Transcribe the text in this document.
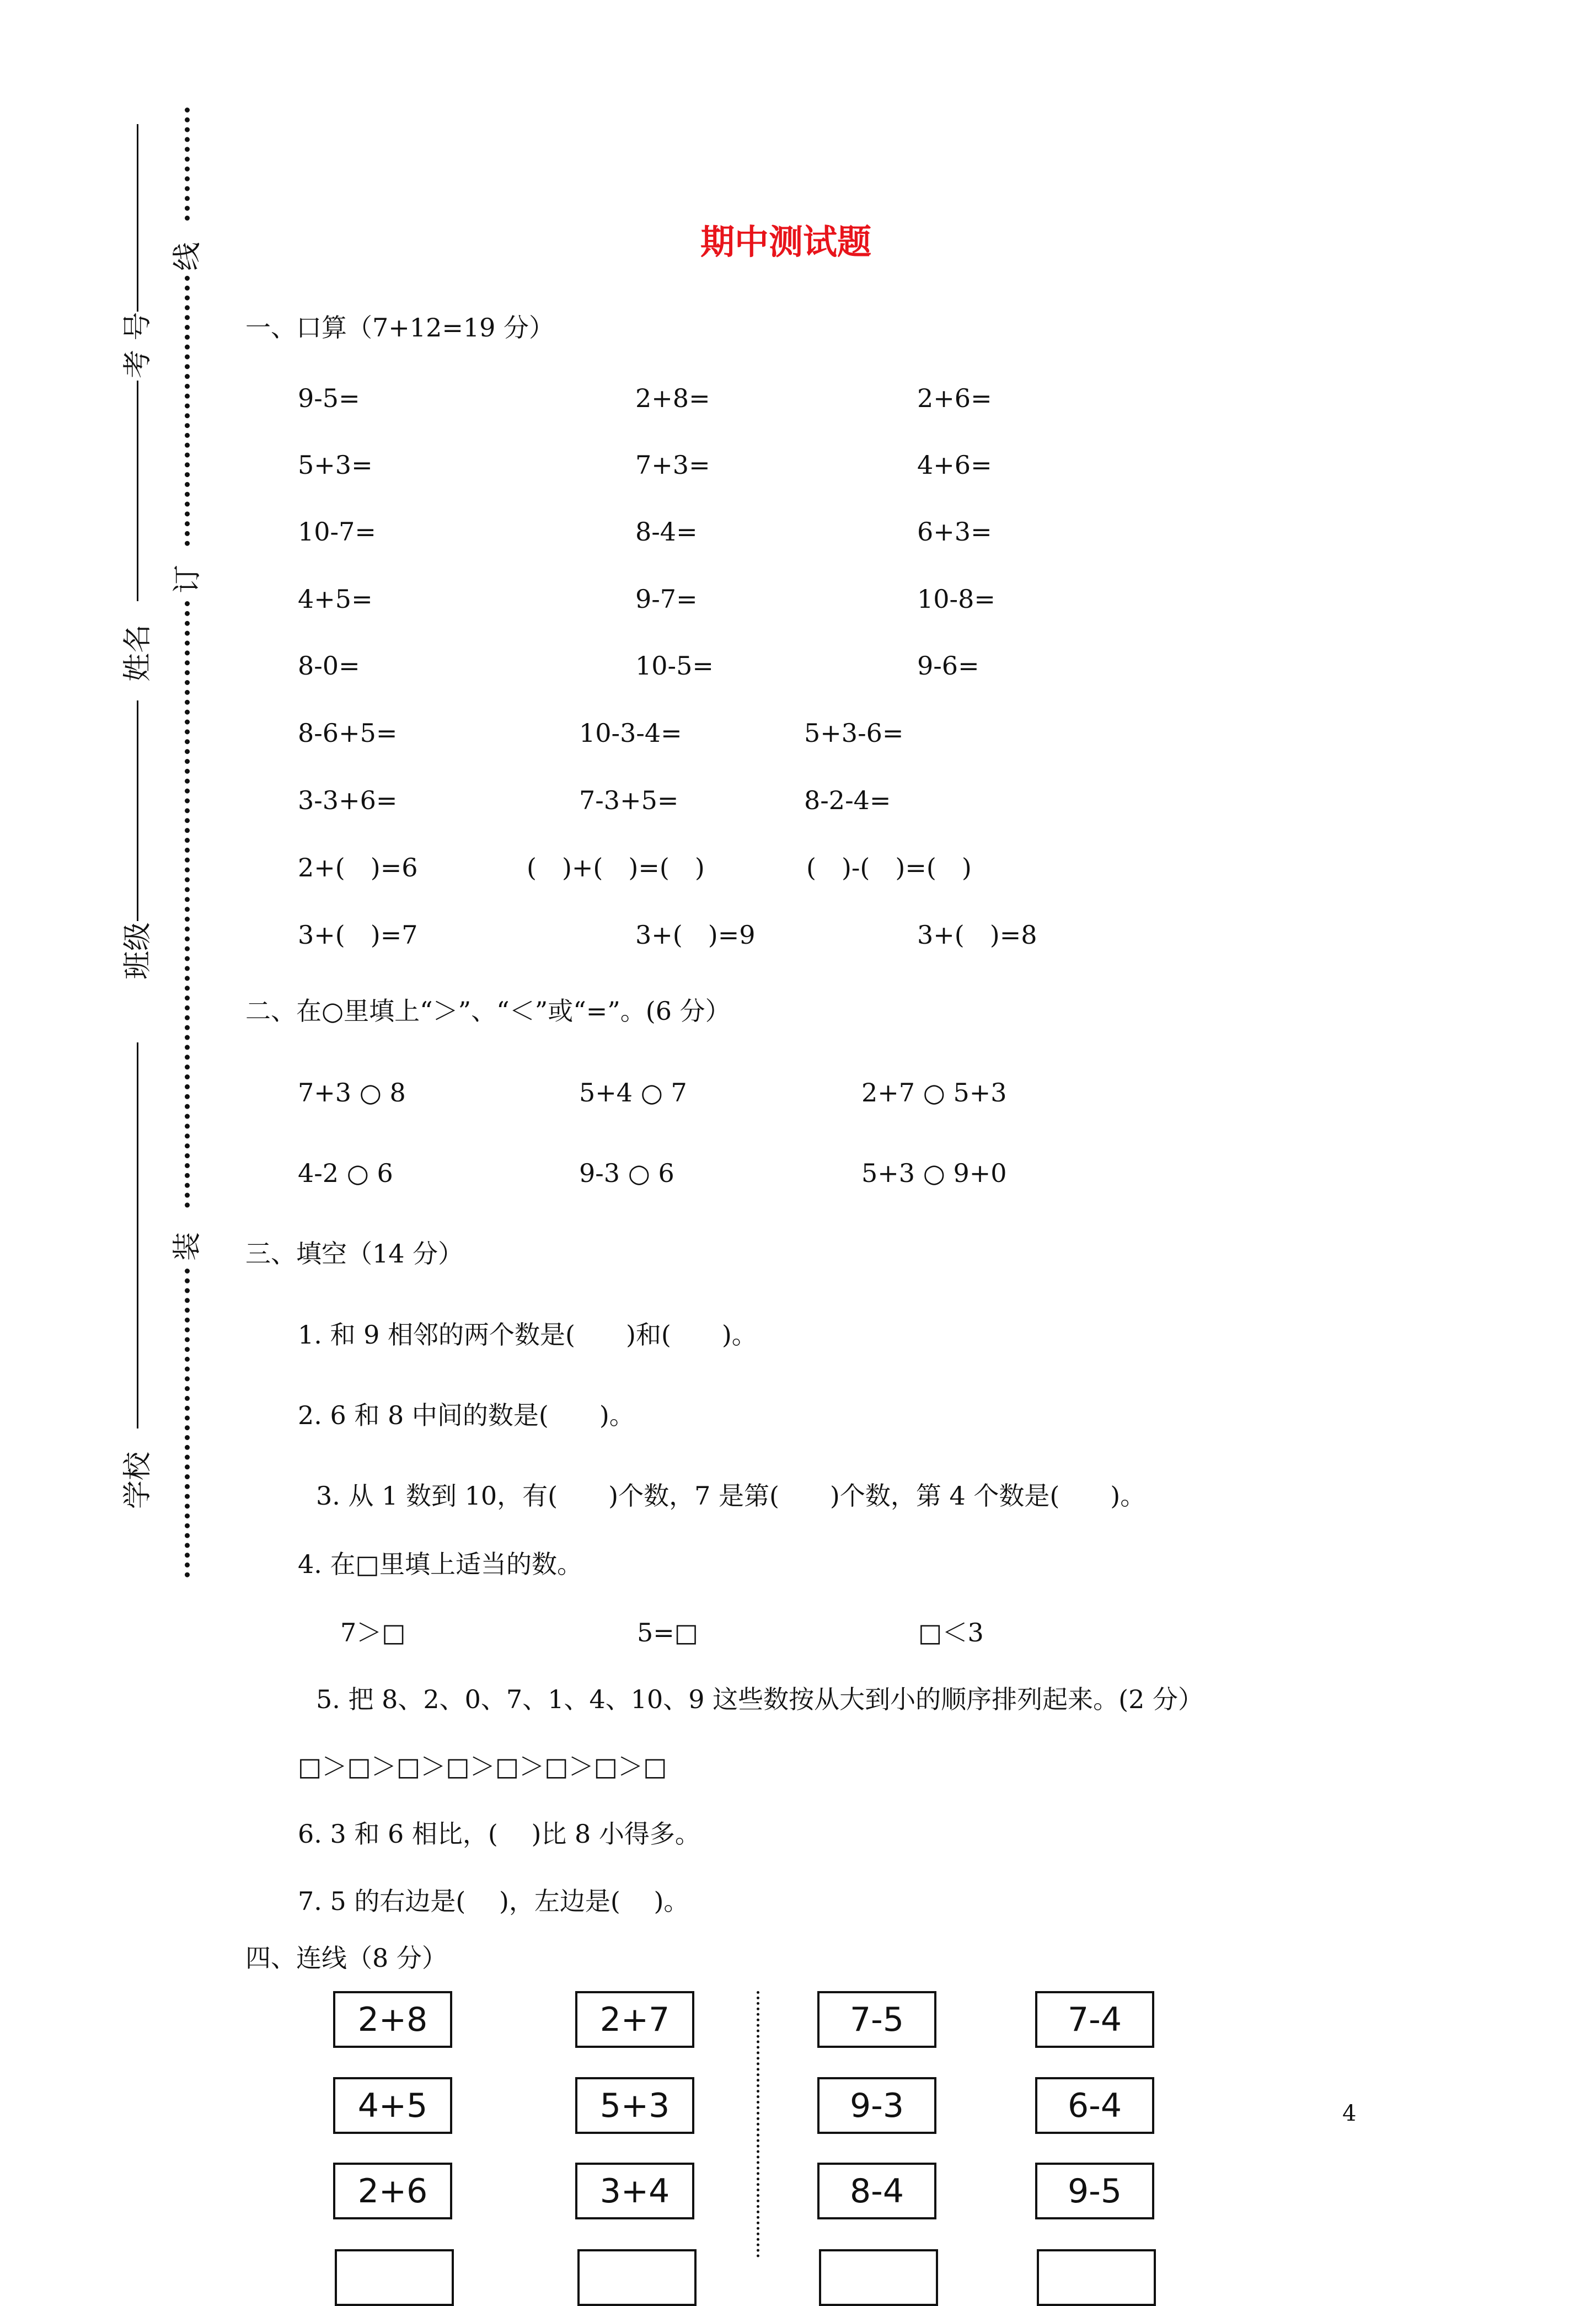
考 号
姓名
班级
学校
线
订
装
期中测试题
一、口算（7+12=19 分）
9-5=	2+8=	2+6=
5+3=	7+3=	4+6=
10-7=	8-4=	6+3=
4+5=	9-7=	10-8=
8-0=	10-5=	9-6=
8-6+5=	10-3-4=	5+3-6=
3-3+6=	7-3+5=	8-2-4=
2+(　)=6	(　)+(　)=(　)	(　)-(　)=(　)
3+(　)=7	3+(　)=9	3+(　)=8
二、在○里填上“＞”、“＜”或“=”。(6 分）
7+3 ○ 8	5+4 ○ 7	2+7 ○ 5+3
4-2 ○ 6	9-3 ○ 6	5+3 ○ 9+0
三、填空（14 分）
1. 和 9 相邻的两个数是(　　)和(　　)。
2. 6 和 8 中间的数是(　　)。
3. 从 1 数到 10，有(　　)个数，7 是第(　　)个数，第 4 个数是(　　)。
4. 在□里填上适当的数。
7＞□	5=□	□＜3
5. 把 8、2、0、7、1、4、10、9 这些数按从大到小的顺序排列起来。(2 分）
□＞□＞□＞□＞□＞□＞□＞□
6. 3 和 6 相比，(　 )比 8 小得多。
7. 5 的右边是(　 )，左边是(　 )。
四、连线（8 分）
2+8	2+7	7-5	7-4
4+5	5+3	9-3	6-4
2+6	3+4	8-4	9-5
4
